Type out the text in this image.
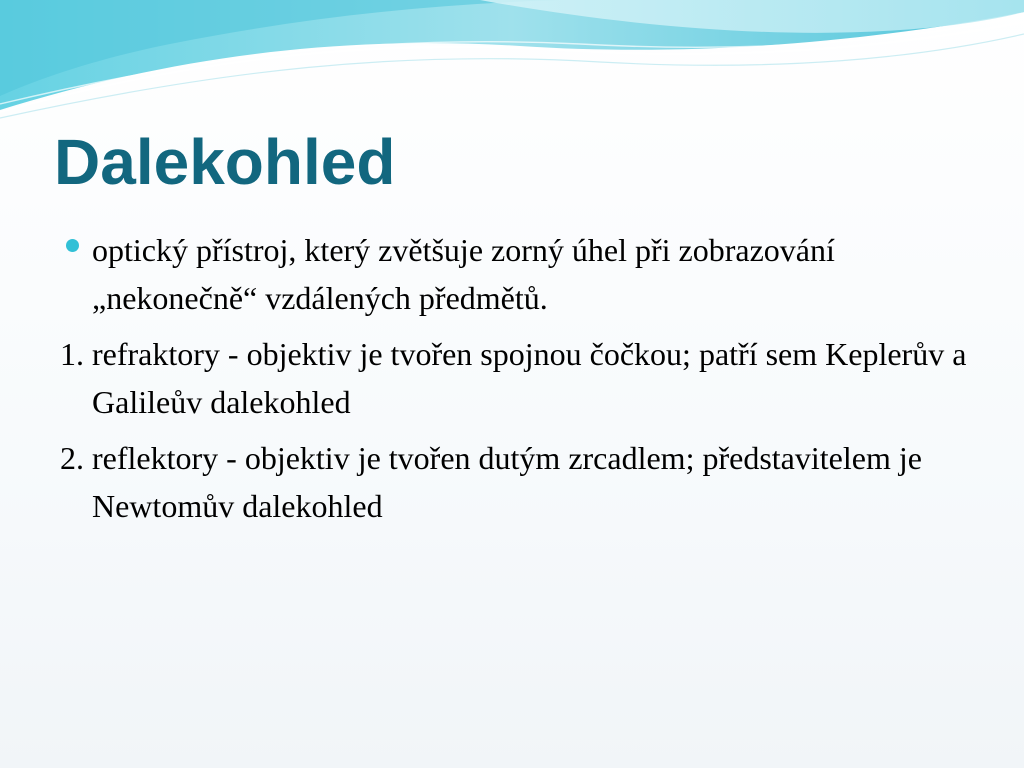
Dalekohled

optický přístroj, který zvětšuje zorný úhel při zobrazování „nekonečně“ vzdálených předmětů.

1. refraktory - objektiv je tvořen spojnou čočkou; patří sem Keplerův a Galileův dalekohled

2. reflektory - objektiv je tvořen dutým zrcadlem; představitelem je Newtomův dalekohled
